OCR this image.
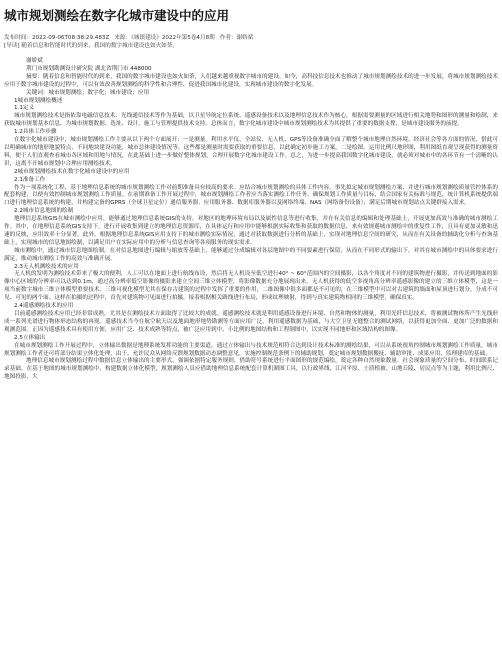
城市规划测绘在数字化城市建设中的应用
发布时间：2022-09-06T08:38:29.483Z 来源：《城镇建设》2022年第5卷4月8期 作者：谢娇斌
[导读] 随着信息和智能时代的到来，我国的数字城市建设也如火如荼，

谢娇斌

荆门市规划勘测设计研究院 湖北省荆门市 448000

摘要：随着信息和智能时代的到来，我国的数字城市建设也如火如荼，人们越来越重视数字城市的建设。如今，高科技信息技术也推动了城市规划测绘技术的进一步发展，将城市规划测绘技术应用于数字城市建设的过程中，可以有效改善规划测绘的科学性和合理性，促进我国城市化建设，实现城市建设的数字化发展。

关键词：城市规划测绘；数字化；城市建设；应用

1城市规划测绘概述

1.1定义

城市规划测绘技术是指依靠电磁信息技术、光线通信技术等作为基础，以卫星导航定位系统、遥感设备技术以及地理信息技术作为核心，根据需要测量的区域进行相关地势和图形的测量和绘制，来获取城市规划基本信息，为城市规划数据、选址、设计、施工与管理提供技术支持。总体而言，数字化城市建设中城市规划测绘技术为其提供了重要的数据支撑，是城市建设服务的前提。

1.2具体工作步骤

在数字化城市建设中，城市规划测绘工作主要从以下两个方面展开：一是测量。利用水平仪、全站仪、无人机、GPS等设备准确全面了解整个城市地理自然环境、经济社会等各方面的情况，借此可以明确城市的地形地貌特点，不同地块建设功能，城市总体建设情况等，这些都是测量时需要获取的重要信息，以此确定初步施工方案。二是绘图。运用比例尺地形图，利用图纸直观呈现获得的测量资料，便于人们直观查看城市各区域和用地与情况，在此基础上进一步做好整体规划，合理开展数字化城市建设工作。总之，为进一步提高我国数字化城市建设，就必须对城市中的各环节有一个清晰的认识，这离不开城市规划中合理应用测绘技术。

2城市规划测绘技术在数字化城市建设中的应用

2.1准备工作

作为一项系统化工程，基于地理信息系统的城市规划测绘工作对前期准备具有较高的要求。应结合城市规划测绘的具体工作内容，事先拟定城市规划测绘方案，并进行城市规划测绘质量管控体系的配套构建，以便有效控制城市规划测绘工作质量。在前期准备工作开展过程中，城市规划测绘工作者应当落实测绘工作任务、确保规划工作质量与目标，结合国家有关标准与规范，统计算机系统提供端口进行地理信息系统的构建，并构建完备的GPRS（全球卫星定位）通信服务器、应用服务器、数据库服务器以及网络终端、NAS（网络备份设备），满足后期城市规划站点关键群接入需求。

2.2城市信息地图的绘制

地理信息系统GIS在城市测绘中应用，能够通过地理信息系统GIS的支持，对地区的地理环境布局以及属性信息等进行收集，并在有关信息的编辑和处理基础上，开展更加高效与准确的城市测绘工作。其中，在地理信息系统GIS支持下，进行开展收集到建立的地理信息资源库，在具体运行和应用中能够根据实际收集和获取的数据信息，来有效规避城市测绘中的重复性工作，且具有更加灵敏和迅速的反映，应用效率十分显著。此外，根据地理信息系统GIS应用支持下的城市测绘实际情况，通过对获取数据进行分析的基础上，实现对地理信息空间的研究，从而在有关设备的辅助化分析与查询基础上，实现城市的信息地图绘制，以满足用户在实际应用中的分析与信息查询等各项服务的现实需求。

城市测绘中，通过城市信息地图绘制，在对信息地图进行编辑与缩放等基础上，能够通过分成编辑对各层地图中的不同要素进行保留，从而在不同形式的输出下，对其在城市测绘中的具体要求进行满足，推动城市测绘工作的高效与准确开展。

2.3无人机测绘技术的应用

无人机的发明为测绘技术带来了极大的便利，人工可以在地面上进行航线布设，然后将无人机设至低空进行40° ~ 60°范围内的空间摄影，以各个角度对不同的建筑物进行摄影，并传送到地面的影像中心区域的分辨率可以达到0.1m，通过高分辨率低空影像的摄影来建立空间三维立体模型，将影像数据充分地展现出来，无人机获得的低空多视角高分辨率遥感影像的建立的三维立体模型，这是一项当前数字城市三维立体模型重要技术。三维可视化模型尤其在保存古建筑的过程中发挥了重要的作用，二维图像中很多面都是不可见的，在三维模型中可以对古建筑的墙面和屋顶进行划分，分成不可见、可见的两个面。这样在拍摄的过程中，首先对建筑物可见面进行拍摄，接着根据相关路线进行布局，形成纹理映射，得到与真实建筑物相同的三维模型，确保真实。

2.4遥感测绘技术的应用

目前遥感测绘技术应用已经非常成熟，尤其是在测绘技术方面取得了比较大的成就。遥感测绘技术就是利用遥感设备进行环境、自然和物体的测量，利用光纤信息技术，将被测试物体所产生光线形成一系列光谱进行物体形态结构的再现。遥感技术当今在航空航天以及地面地形地势勘测等方面应用广泛，利用遥感数据为基础，与大空卫星无缝整合的测试网络，以获得更加全面、更加广泛的数据和观测范围。正因为遥感技术具有使用方便、应用广泛、技术成熟等特点，被广泛应用到中、小比例的地图结构和工程制图中，以实现不同地形和区域结构的图像。

2.5立体输出

在城市规划测绘工作开展过程中，立体输出数据是地理系统发挥功能的主要渠道。通过立体输出与技术规范相符合达到设计技术标准的测绘结果，可以从系统视角控制城市规划测绘工作质量。城市规划测绘工作者还可将部分结果立体化处理，由于，允许民众从网络反馈规划数据动态调整意见，实施控制规范条例下的辅助规划，奠定城市规划数据搬抚、辅助审批、成果应用、监理建库的基础。

地理信息城市规划测绘过程中数据信息立体输出的主要形式，强调依据特定服务规则，借助符号系统进行平面图形的规范编绘，奠定各种自然现象数量、社会现象质量的空间分布、时间联系记录基础。在基于地图的城市规划测绘中，构建数据立体化模型，规划测绘人员应借助地理信息系统配套计算机制图工具，以行政界线、江河平原、土质植被、山地丘陵、居民点等为主题，利用比例尺、地图投影、大
